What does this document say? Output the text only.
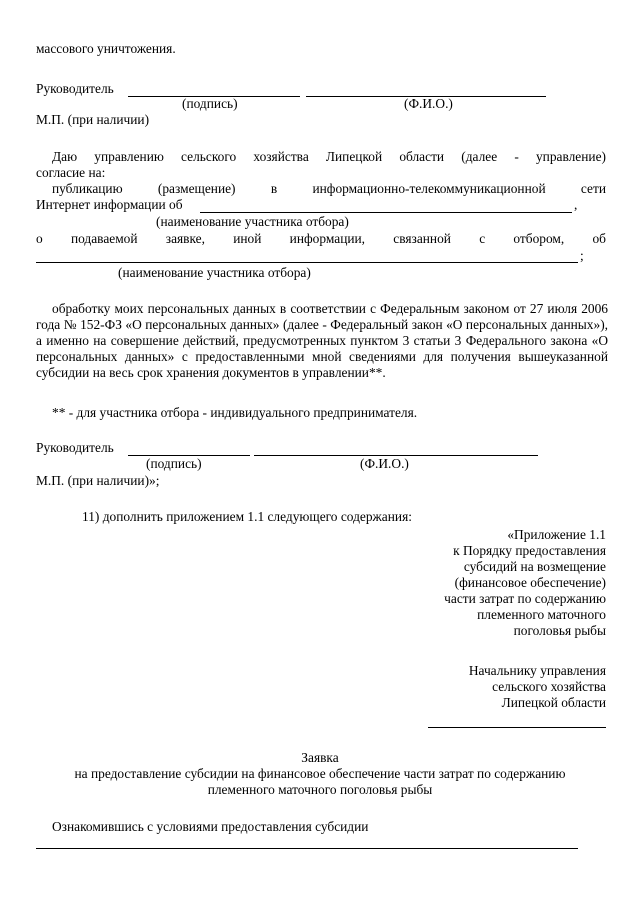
массового уничтожения.
Руководитель
(подпись)	(Ф.И.О.)
М.П. (при наличии)
Даю управлению сельского хозяйства Липецкой области (далее - управление)
согласие на:
публикацию (размещение) в информационно-телекоммуникационной сети
Интернет информации об	,
(наименование участника отбора)
о подаваемой заявке, иной информации, связанной с отбором, об
;
(наименование участника отбора)
обработку моих персональных данных в соответствии с Федеральным законом от 27 июля 2006 года № 152-ФЗ «О персональных данных» (далее - Федеральный закон «О персональных данных»), а именно на совершение действий, предусмотренных пунктом 3 статьи 3 Федерального закона «О персональных данных» с предоставленными мной сведениями для получения вышеуказанной субсидии на весь срок хранения документов в управлении**.
** - для участника отбора - индивидуального предпринимателя.
Руководитель
(подпись)	(Ф.И.О.)
М.П. (при наличии)»;
11) дополнить приложением 1.1 следующего содержания:
«Приложение 1.1
к Порядку предоставления
субсидий на возмещение
(финансовое обеспечение)
части затрат по содержанию
племенного маточного
поголовья рыбы
Начальнику управления
сельского хозяйства
Липецкой области
Заявка
на предоставление субсидии на финансовое обеспечение части затрат по содержанию
племенного маточного поголовья рыбы
Ознакомившись с условиями предоставления субсидии
